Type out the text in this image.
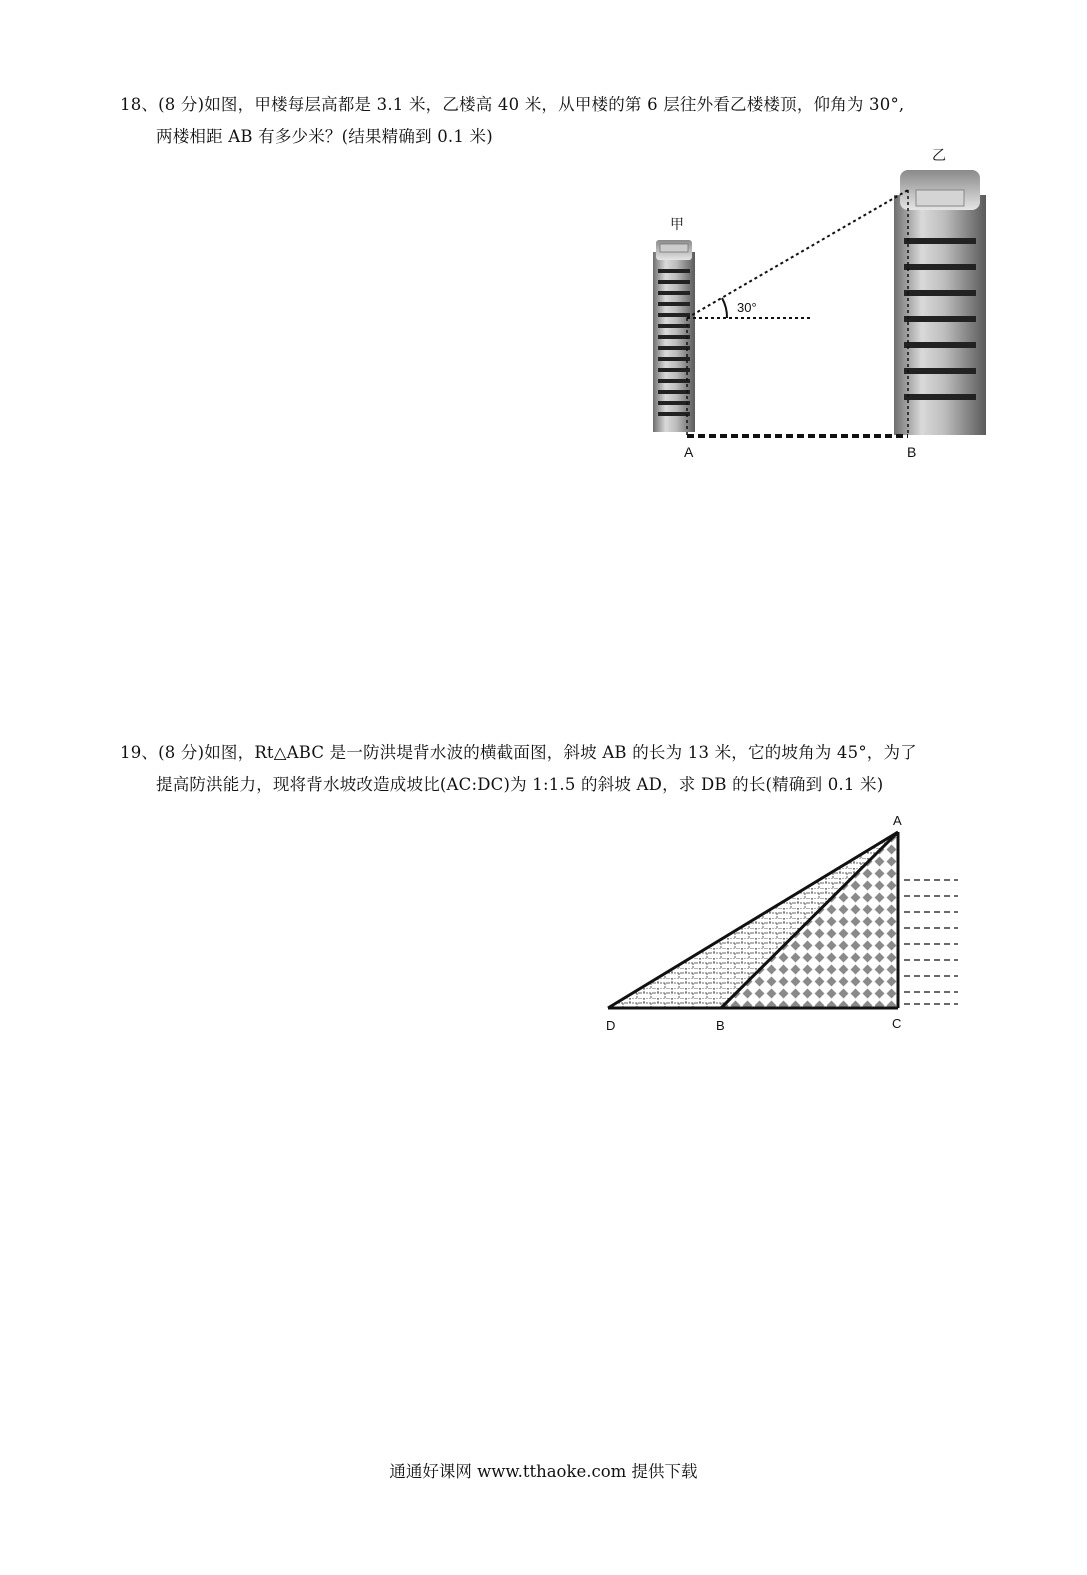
18、(8 分)如图，甲楼每层高都是 3.1 米，乙楼高 40 米，从甲楼的第 6 层往外看乙楼楼顶，仰角为 30°,
两楼相距 AB 有多少米？(结果精确到 0.1 米)
甲
乙
30°
A	B
19、(8 分)如图，Rt△ABC 是一防洪堤背水波的横截面图，斜坡 AB 的长为 13 米，它的坡角为 45°，为了
提高防洪能力，现将背水坡改造成坡比(AC:DC)为 1:1.5 的斜坡 AD，求 DB 的长(精确到 0.1 米)
A
B	C
D
通通好课网 www.tthaoke.com 提供下载
